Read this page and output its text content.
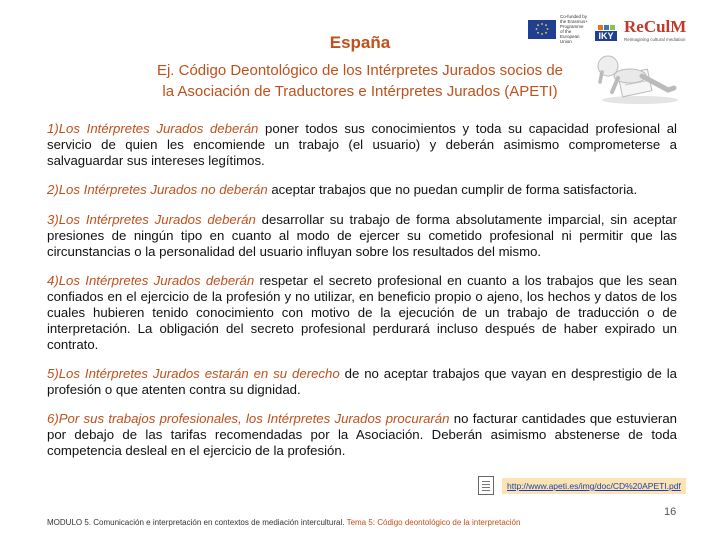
Co-funded by the Erasmus+ Programme of the European Union
IKY
ReCulM
Reimagining cultural mediation
España
Ej. Código Deontológico de los Intérpretes Jurados socios de
la Asociación de Traductores e Intérpretes Jurados (APETI)

1)Los Intérpretes Jurados deberán poner todos sus conocimientos y toda su capacidad profesional al servicio de quien les encomiende un trabajo (el usuario) y deberán asimismo comprometerse a salvaguardar sus intereses legítimos.

2)Los Intérpretes Jurados no deberán aceptar trabajos que no puedan cumplir de forma satisfactoria.

3)Los Intérpretes Jurados deberán desarrollar su trabajo de forma absolutamente imparcial, sin aceptar presiones de ningún tipo en cuanto al modo de ejercer su cometido profesional ni permitir que las circunstancias o la personalidad del usuario influyan sobre los resultados del mismo.

4)Los Intérpretes Jurados deberán respetar el secreto profesional en cuanto a los trabajos que les sean confiados en el ejercicio de la profesión y no utilizar, en beneficio propio o ajeno, los hechos y datos de los cuales hubieren tenido conocimiento con motivo de la ejecución de un trabajo de traducción o de interpretación. La obligación del secreto profesional perdurará incluso después de haber expirado un contrato.

5)Los Intérpretes Jurados estarán en su derecho de no aceptar trabajos que vayan en desprestigio de la profesión o que atenten contra su dignidad.

6)Por sus trabajos profesionales, los Intérpretes Jurados procurarán no facturar cantidades que estuvieran por debajo de las tarifas recomendadas por la Asociación. Deberán asimismo abstenerse de toda competencia desleal en el ejercicio de la profesión.

http://www.apeti.es/img/doc/CD%20APETI.pdf
MODULO 5. Comunicación e interpretación en contextos de mediación intercultural. Tema 5: Código deontológico de la interpretación
16
